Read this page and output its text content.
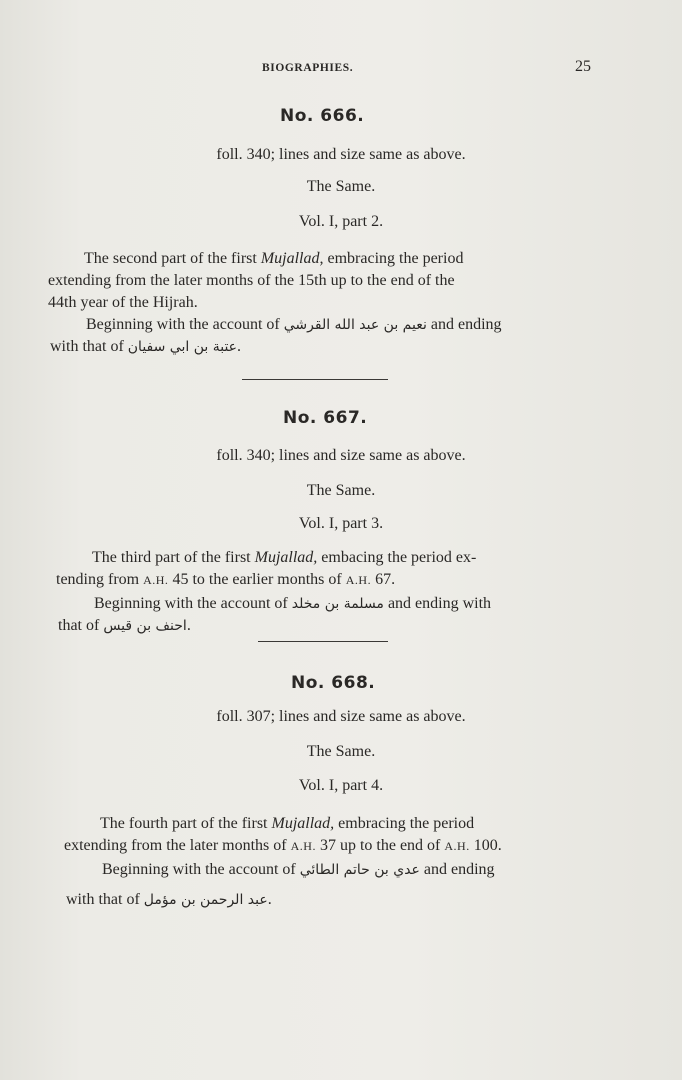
BIOGRAPHIES.	25
No. 666.
foll. 340; lines and size same as above.
The Same.
Vol. I, part 2.
The second part of the first Mujallad, embracing the period
extending from the later months of the 15th up to the end of the
44th year of the Hijrah.
Beginning with the account of نعيم بن عبد الله القرشي and ending
with that of عتبة بن ابي سفيان.
No. 667.
foll. 340; lines and size same as above.
The Same.
Vol. I, part 3.
The third part of the first Mujallad, embacing the period ex-
tending from A.H. 45 to the earlier months of A.H. 67.
Beginning with the account of مسلمة بن مخلد and ending with
that of احنف بن قيس.
No. 668.
foll. 307; lines and size same as above.
The Same.
Vol. I, part 4.
The fourth part of the first Mujallad, embracing the period
extending from the later months of A.H. 37 up to the end of A.H. 100.
Beginning with the account of عدي بن حاتم الطائي and ending
with that of عبد الرحمن بن مؤمل.
